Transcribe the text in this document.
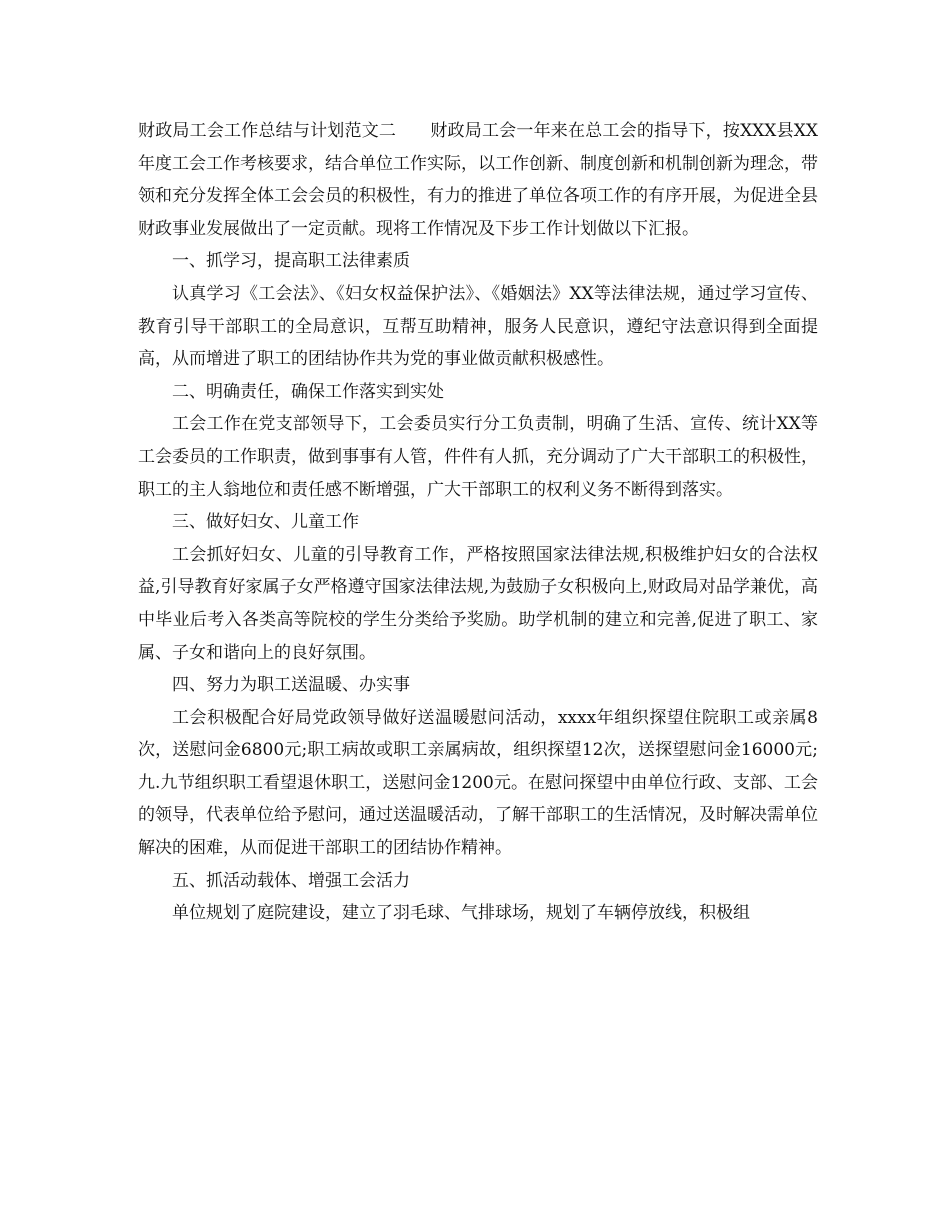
财政局工会工作总结与计划范文二 财政局工会一年来在总工会的指导下，按XXX县XX年度工会工作考核要求，结合单位工作实际，以工作创新、制度创新和机制创新为理念，带领和充分发挥全体工会会员的积极性，有力的推进了单位各项工作的有序开展，为促进全县财政事业发展做出了一定贡献。现将工作情况及下步工作计划做以下汇报。

一、抓学习，提高职工法律素质

认真学习《工会法》、《妇女权益保护法》、《婚姻法》XX等法律法规，通过学习宣传、教育引导干部职工的全局意识，互帮互助精神，服务人民意识，遵纪守法意识得到全面提高，从而增进了职工的团结协作共为党的事业做贡献积极感性。

二、明确责任，确保工作落实到实处

工会工作在党支部领导下，工会委员实行分工负责制，明确了生活、宣传、统计XX等工会委员的工作职责，做到事事有人管，件件有人抓，充分调动了广大干部职工的积极性，职工的主人翁地位和责任感不断增强，广大干部职工的权利义务不断得到落实。

三、做好妇女、儿童工作

工会抓好妇女、儿童的引导教育工作，严格按照国家法律法规,积极维护妇女的合法权益,引导教育好家属子女严格遵守国家法律法规,为鼓励子女积极向上,财政局对品学兼优，高中毕业后考入各类高等院校的学生分类给予奖励。助学机制的建立和完善,促进了职工、家属、子女和谐向上的良好氛围。

四、努力为职工送温暖、办实事

工会积极配合好局党政领导做好送温暖慰问活动，xxxx年组织探望住院职工或亲属8次，送慰问金6800元;职工病故或职工亲属病故，组织探望12次，送探望慰问金16000元;九.九节组织职工看望退休职工，送慰问金1200元。在慰问探望中由单位行政、支部、工会的领导，代表单位给予慰问，通过送温暖活动，了解干部职工的生活情况，及时解决需单位解决的困难，从而促进干部职工的团结协作精神。

五、抓活动载体、增强工会活力

单位规划了庭院建设，建立了羽毛球、气排球场，规划了车辆停放线，积极组
